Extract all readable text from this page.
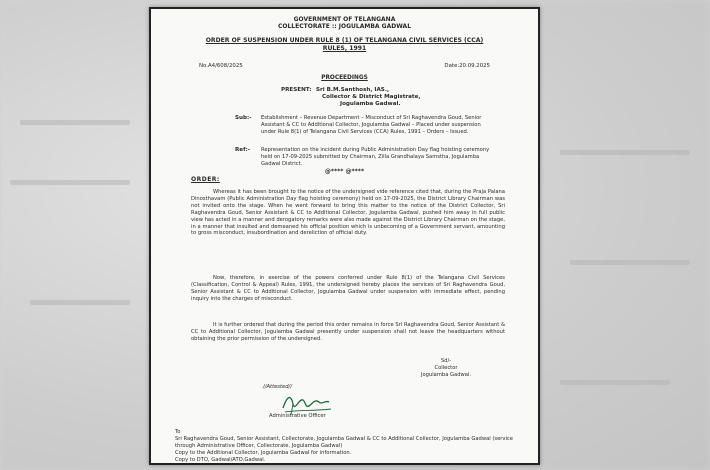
GOVERNMENT OF TELANGANA
COLLECTORATE :: JOGULAMBA GADWAL
ORDER OF SUSPENSION UNDER RULE 8 (1) OF TELANGANA CIVIL SERVICES (CCA) RULES, 1991
No.A4/608/2025	Date:20.09.2025
PROCEEDINGS
PRESENT: Sri B.M.Santhosh, IAS.,
Collector & District Magistrate,
Jogulamba Gadwal.
Sub:- Establishment – Revenue Department – Misconduct of Sri Raghavendra Goud, Senior Assistant & CC to Additional Collector, Jogulamba Gadwal – Placed under suspension under Rule 8(1) of Telangana Civil Services (CCA) Rules, 1991 – Orders – Issued.
Ref:- Representation on the incident during Public Administration Day flag hoisting ceremony held on 17-09-2025 submitted by Chairman, Zilla Grandhalaya Samstha, Jogulamba Gadwal District.
@**** @****
ORDER:
Whereas it has been brought to the notice of the undersigned vide reference cited that, during the Praja Palana Dinosthavam (Public Administration Day flag hoisting ceremony) held on 17-09-2025, the District Library Chairman was not invited onto the stage. When he went forward to bring this matter to the notice of the District Collector, Sri Raghavendra Goud, Senior Assistant & CC to Additional Collector, Jogulamba Gadwal, pushed him away in full public view has acted in a manner and derogatory remarks were also made against the District Library Chairman on the stage, in a manner that insulted and demeaned his official position which is unbecoming of a Government servant, amounting to gross misconduct, insubordination and dereliction of official duty.
Now, therefore, in exercise of the powers conferred under Rule 8(1) of the Telangana Civil Services (Classification, Control & Appeal) Rules, 1991, the undersigned hereby places the services of Sri Raghavendra Goud, Senior Assistant & CC to Additional Collector, Jogulamba Gadwal under suspension with immediate effect, pending inquiry into the charges of misconduct.
It is further ordered that during the period this order remains in force Sri Raghavendra Goud, Senior Assistant & CC to Additional Collector, Jogulamba Gadwal presently under suspension shall not leave the headquarters without obtaining the prior permission of the undersigned.
Sd/-
Collector
Jogulamba Gadwal.
//Attested//
Administrative Officer
To
Sri Raghavendra Goud, Senior Assistant, Collectorate, Jogulamba Gadwal & CC to Additional Collector, Jogulamba Gadwal (service through Administrative Officer, Collectorate, Jogulamba Gadwal)
Copy to the Additional Collector, Jogulamba Gadwal for information.
Copy to DTO, Gadwal/ATO,Gadwal.
